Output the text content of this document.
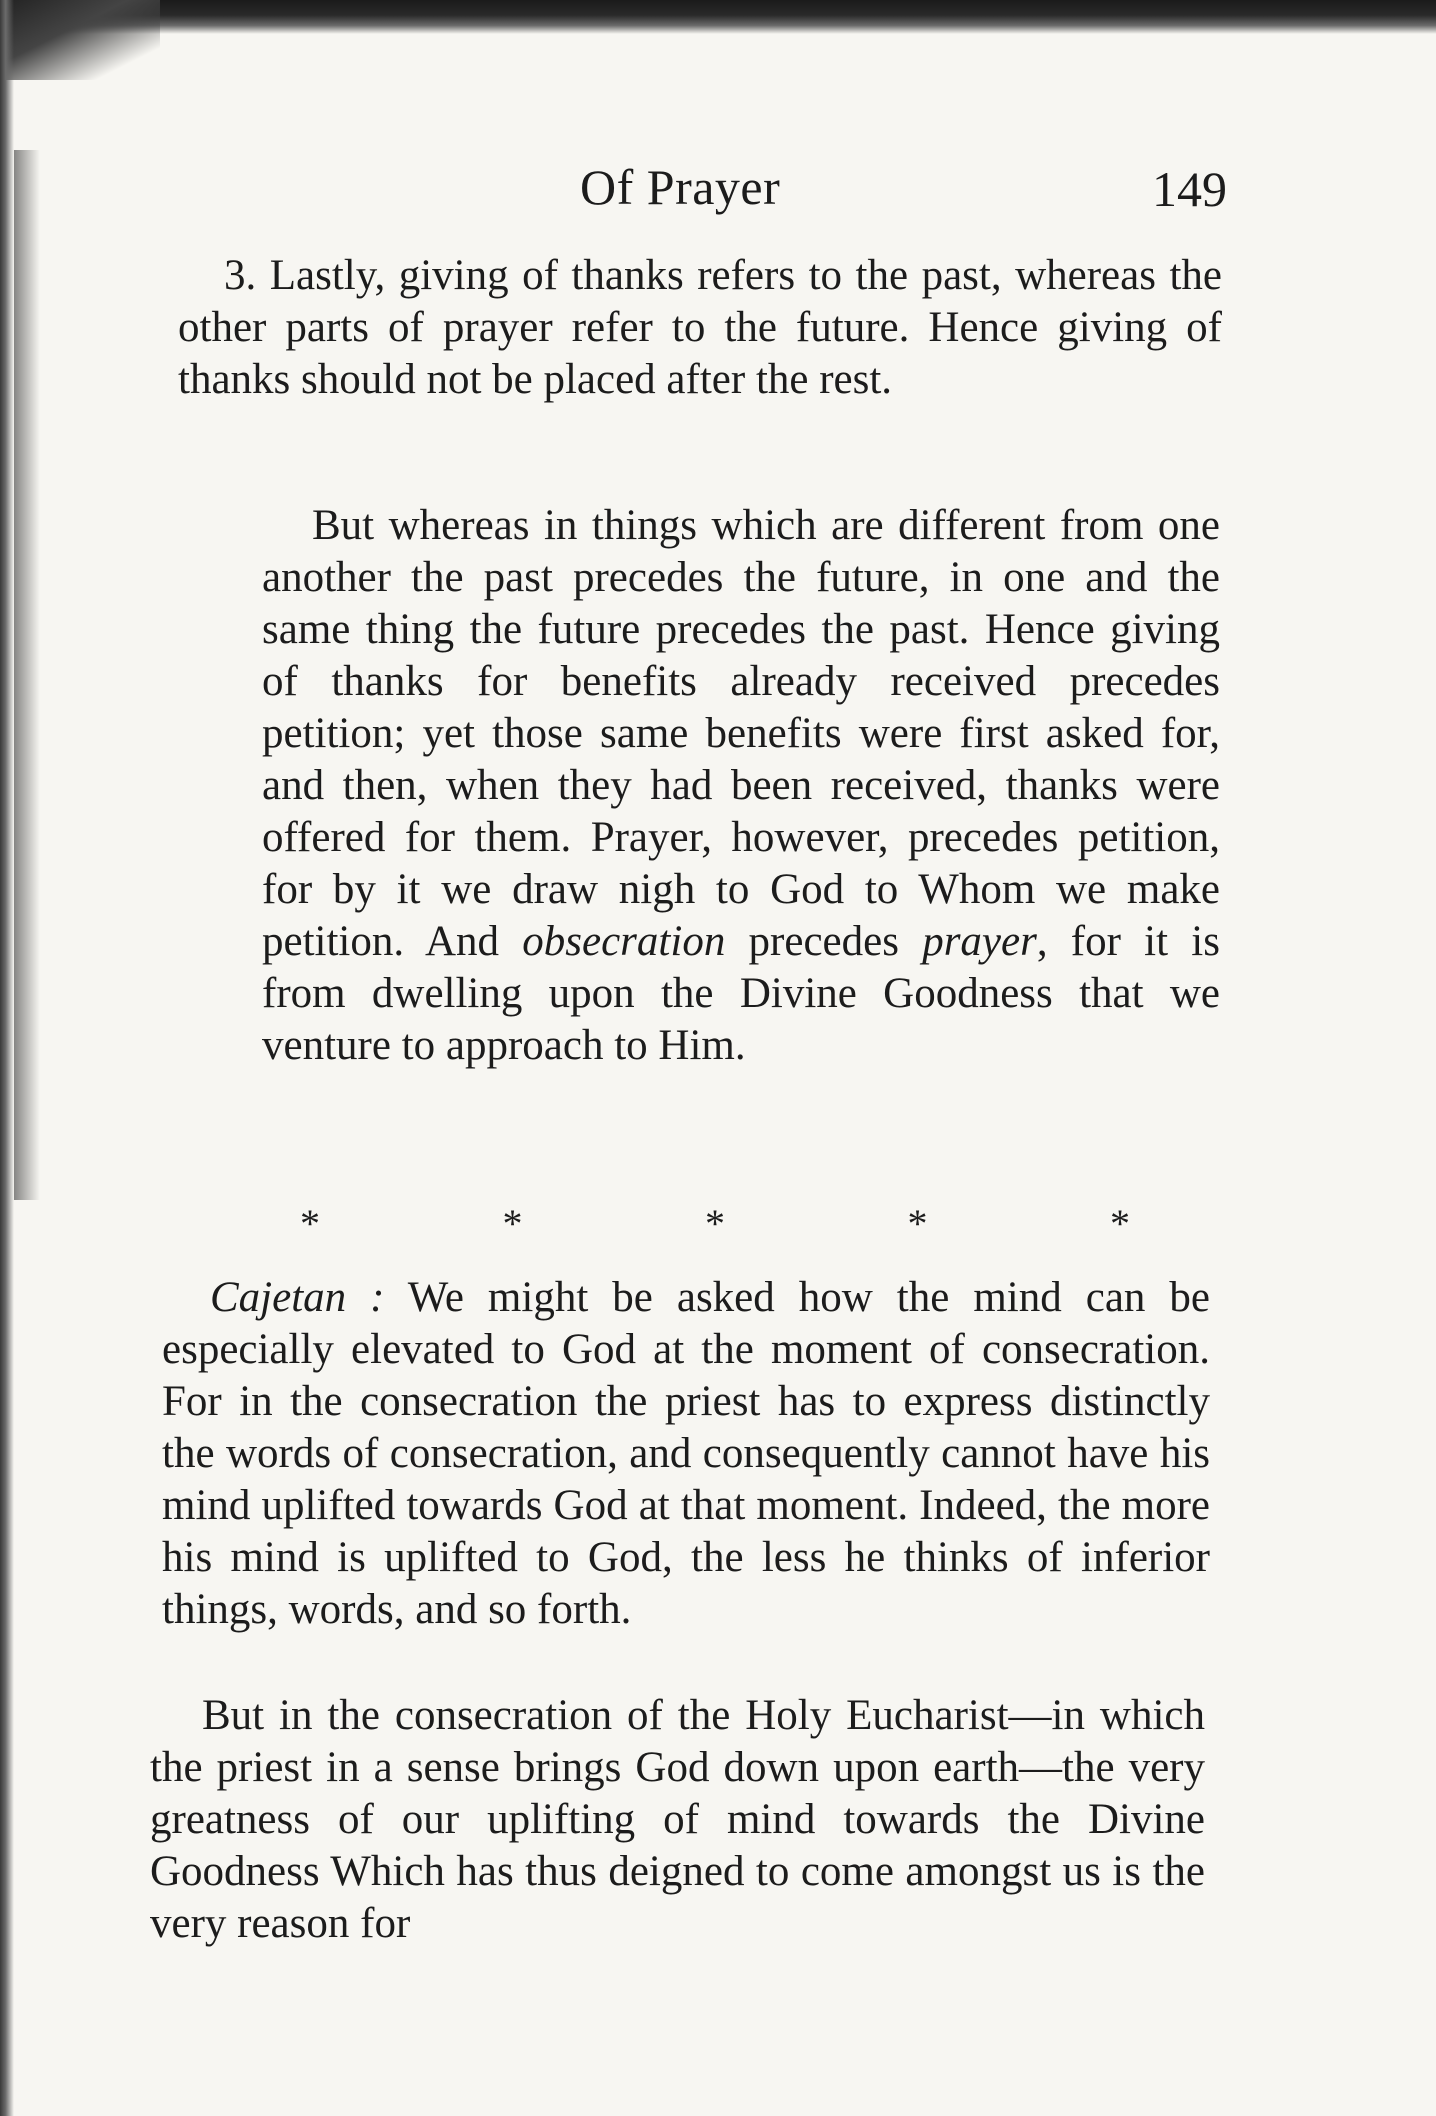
Of Prayer	149

3. Lastly, giving of thanks refers to the past, whereas the other parts of prayer refer to the future. Hence giving of thanks should not be placed after the rest.

But whereas in things which are different from one another the past precedes the future, in one and the same thing the future precedes the past. Hence giving of thanks for benefits already received precedes petition; yet those same benefits were first asked for, and then, when they had been received, thanks were offered for them. Prayer, however, precedes petition, for by it we draw nigh to God to Whom we make petition. And obsecration precedes prayer, for it is from dwelling upon the Divine Goodness that we venture to approach to Him.

*	*	*	*	*

Cajetan : We might be asked how the mind can be especially elevated to God at the moment of consecration. For in the consecration the priest has to express distinctly the words of consecration, and consequently cannot have his mind uplifted towards God at that moment. Indeed, the more his mind is uplifted to God, the less he thinks of inferior things, words, and so forth.

But in the consecration of the Holy Eucharist—in which the priest in a sense brings God down upon earth—the very greatness of our uplifting of mind towards the Divine Goodness Which has thus deigned to come amongst us is the very reason for
